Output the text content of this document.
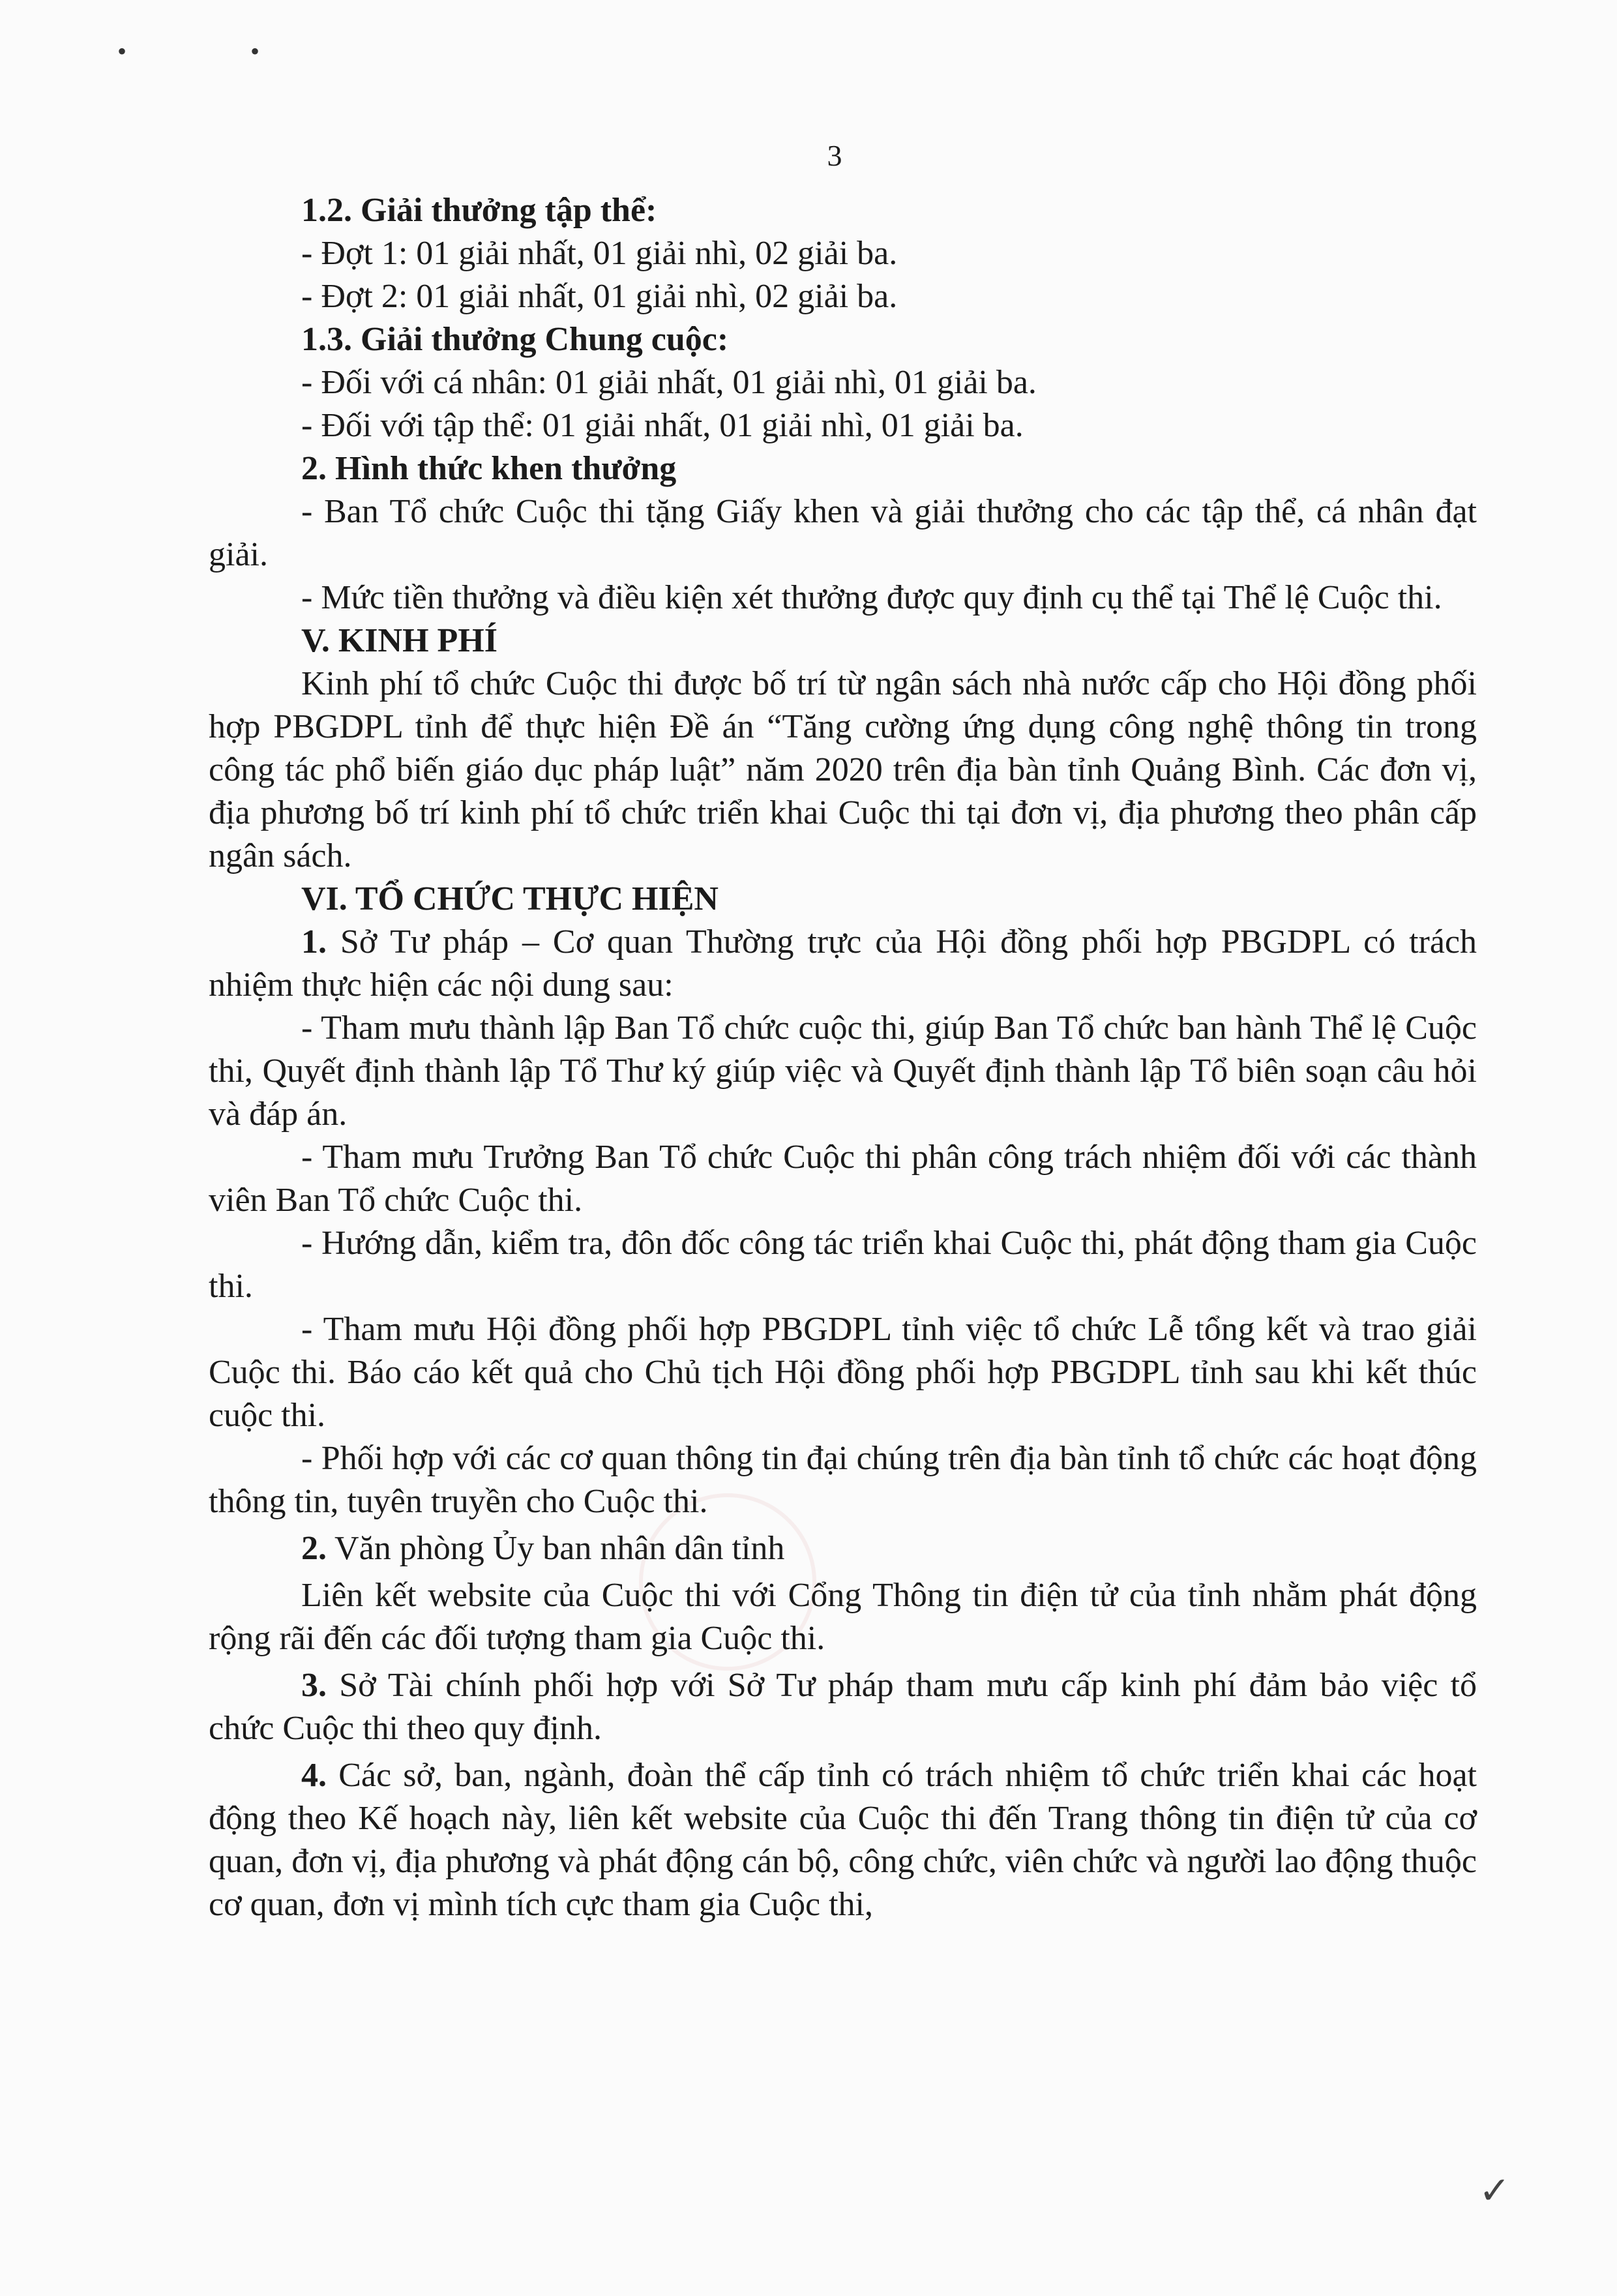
• •
3

1.2. Giải thưởng tập thể:

- Đợt 1: 01 giải nhất, 01 giải nhì, 02 giải ba.

- Đợt 2: 01 giải nhất, 01 giải nhì, 02 giải ba.

1.3. Giải thưởng Chung cuộc:

- Đối với cá nhân: 01 giải nhất, 01 giải nhì, 01 giải ba.

- Đối với tập thể: 01 giải nhất, 01 giải nhì, 01 giải ba.

2. Hình thức khen thưởng

- Ban Tổ chức Cuộc thi tặng Giấy khen và giải thưởng cho các tập thể, cá nhân đạt giải.

- Mức tiền thưởng và điều kiện xét thưởng được quy định cụ thể tại Thể lệ Cuộc thi.

V. KINH PHÍ

Kinh phí tổ chức Cuộc thi được bố trí từ ngân sách nhà nước cấp cho Hội đồng phối hợp PBGDPL tỉnh để thực hiện Đề án “Tăng cường ứng dụng công nghệ thông tin trong công tác phổ biến giáo dục pháp luật” năm 2020 trên địa bàn tỉnh Quảng Bình. Các đơn vị, địa phương bố trí kinh phí tổ chức triển khai Cuộc thi tại đơn vị, địa phương theo phân cấp ngân sách.

VI. TỔ CHỨC THỰC HIỆN

1. Sở Tư pháp – Cơ quan Thường trực của Hội đồng phối hợp PBGDPL có trách nhiệm thực hiện các nội dung sau:

- Tham mưu thành lập Ban Tổ chức cuộc thi, giúp Ban Tổ chức ban hành Thể lệ Cuộc thi, Quyết định thành lập Tổ Thư ký giúp việc và Quyết định thành lập Tổ biên soạn câu hỏi và đáp án.

- Tham mưu Trưởng Ban Tổ chức Cuộc thi phân công trách nhiệm đối với các thành viên Ban Tổ chức Cuộc thi.

- Hướng dẫn, kiểm tra, đôn đốc công tác triển khai Cuộc thi, phát động tham gia Cuộc thi.

- Tham mưu Hội đồng phối hợp PBGDPL tỉnh việc tổ chức Lễ tổng kết và trao giải Cuộc thi. Báo cáo kết quả cho Chủ tịch Hội đồng phối hợp PBGDPL tỉnh sau khi kết thúc cuộc thi.

- Phối hợp với các cơ quan thông tin đại chúng trên địa bàn tỉnh tổ chức các hoạt động thông tin, tuyên truyền cho Cuộc thi.

2. Văn phòng Ủy ban nhân dân tỉnh

Liên kết website của Cuộc thi với Cổng Thông tin điện tử của tỉnh nhằm phát động rộng rãi đến các đối tượng tham gia Cuộc thi.

3. Sở Tài chính phối hợp với Sở Tư pháp tham mưu cấp kinh phí đảm bảo việc tổ chức Cuộc thi theo quy định.

4. Các sở, ban, ngành, đoàn thể cấp tỉnh có trách nhiệm tổ chức triển khai các hoạt động theo Kế hoạch này, liên kết website của Cuộc thi đến Trang thông tin điện tử của cơ quan, đơn vị, địa phương và phát động cán bộ, công chức, viên chức và người lao động thuộc cơ quan, đơn vị mình tích cực tham gia Cuộc thi,

✓
